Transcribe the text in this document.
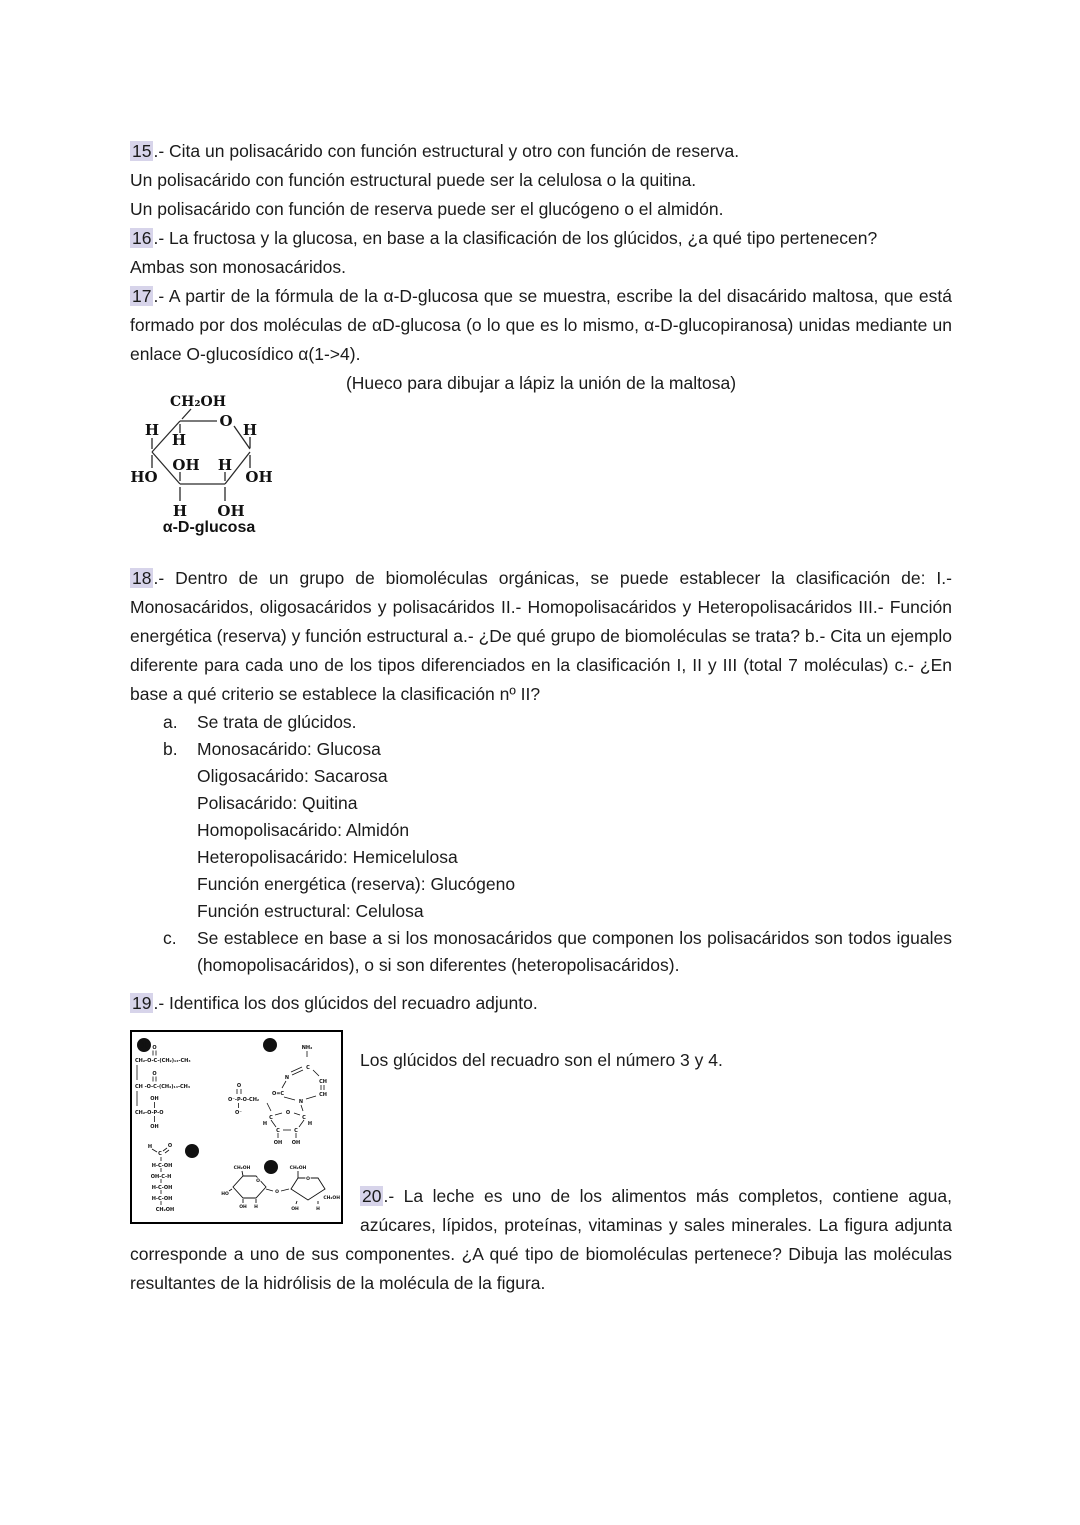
15 .- Cita un polisacárido con función estructural y otro con función de reserva.
Un polisacárido con función estructural puede ser la celulosa o la quitina.
Un polisacárido con función de reserva puede ser el glucógeno o el almidón.

16 .- La fructosa y la glucosa, en base a la clasificación de los glúcidos, ¿a qué tipo pertenecen?

Ambas son monosacáridos.

17 .- A partir de la fórmula de la α-D-glucosa que se muestra, escribe la del disacárido maltosa, que está formado por dos moléculas de αD-glucosa (o lo que es lo mismo, α-D-glucopiranosa) unidas mediante un enlace O-glucosídico α(1->4).

(Hueco para dibujar a lápiz la unión de la maltosa)

CH₂OH
O
H	H
H
OH H
HO	OH
H OH
α-D-glucosa

18 .- Dentro de un grupo de biomoléculas orgánicas, se puede establecer la clasificación de: I.- Monosacáridos, oligosacáridos y polisacáridos II.- Homopolisacáridos y Heteropolisacáridos III.- Función energética (reserva) y función estructural a.- ¿De qué grupo de biomoléculas se trata? b.- Cita un ejemplo diferente para cada uno de los tipos diferenciados en la clasificación I, II y III (total 7 moléculas) c.- ¿En base a qué criterio se establece la clasificación nº II?

a.	Se trata de glúcidos.
b.	Monosacárido: Glucosa
Oligosacárido: Sacarosa
Polisacárido: Quitina
Homopolisacárido: Almidón
Heteropolisacárido: Hemicelulosa
Función energética (reserva): Glucógeno
Función estructural: Celulosa
c.	Se establece en base a si los monosacáridos que componen los polisacáridos son todos iguales (homopolisacáridos), o si son diferentes (heteropolisacáridos).

19 .- Identifica los dos glúcidos del recuadro adjunto.

1 O
CH₂-O-C-(CH₂)₁₄-CH₃
O
CH -O-C-(CH₂)₁₄-CH₃
OH
CH₂-O-P-O
OH
2	NH₂
C
N
CH
CH
N
O=C
O
O⁻-P-O-CH₂
O⁻	O
C	C
H	H
C	C
OH OH
3
H	O
C
H-C-OH
OH-C-H
H-C-OH
H-C-OH
CH₂OH
4
CH₂OH
O
HO
OH H
O
CH₂OH
O
CH₂OH
OH	H

Los glúcidos del recuadro son el número 3 y 4.

20 .- La leche es uno de los alimentos más completos, contiene agua, azúcares, lípidos, proteínas, vitaminas y sales minerales. La figura adjunta corresponde a uno de sus componentes. ¿A qué tipo de biomoléculas pertenece? Dibuja las moléculas resultantes de la hidrólisis de la molécula de la figura.
